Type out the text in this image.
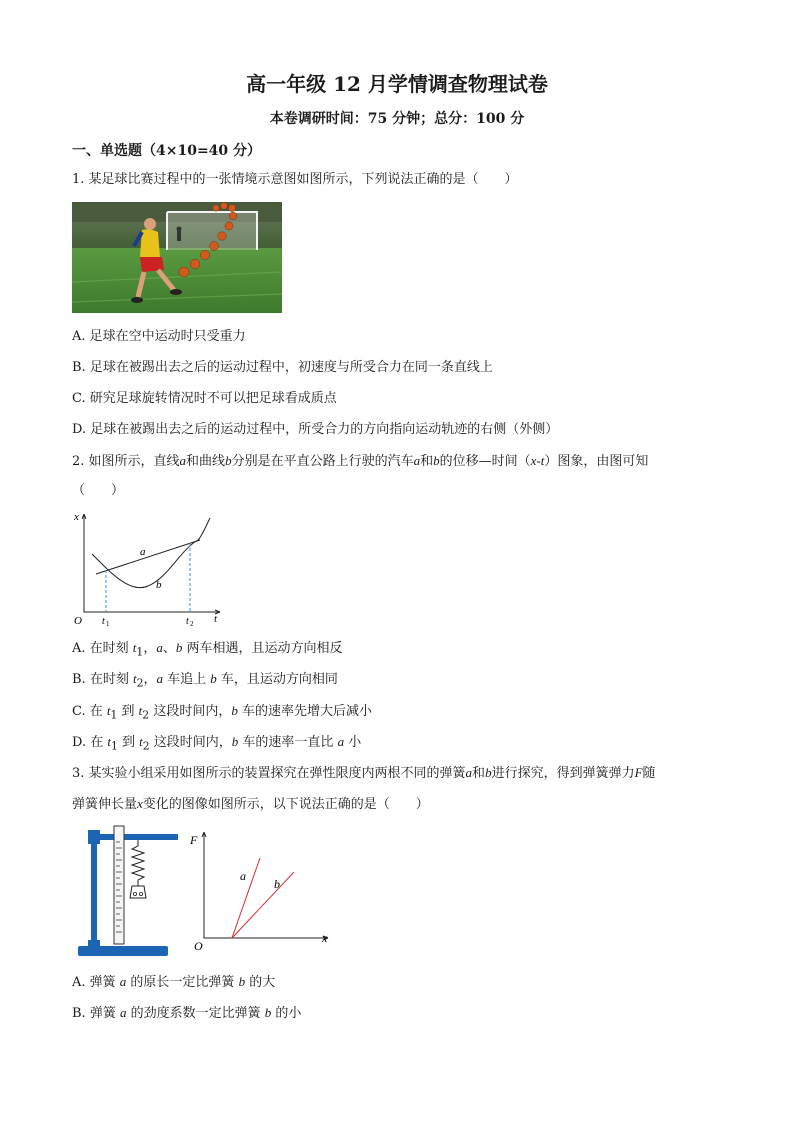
高一年级 12 月学情调查物理试卷
本卷调研时间：75 分钟；总分：100 分
一、单选题（4×10=40 分）
1. 某足球比赛过程中的一张情境示意图如图所示，下列说法正确的是（　　）
A. 足球在空中运动时只受重力
B. 足球在被踢出去之后的运动过程中，初速度与所受合力在同一条直线上
C. 研究足球旋转情况时不可以把足球看成质点
D. 足球在被踢出去之后的运动过程中，所受合力的方向指向运动轨迹的右侧（外侧）
2. 如图所示，直线a和曲线b分别是在平直公路上行驶的汽车a和b的位移—时间（x-t）图象，由图可知
（　　）
x
t
O
a
b
t 1	t 2
A. 在时刻 $t_1$，a、b 两车相遇，且运动方向相反
B. 在时刻 $t_2$，a 车追上 b 车，且运动方向相同
C. 在 $t_1$ 到 $t_2$ 这段时间内，b 车的速率先增大后减小
D. 在 $t_1$ 到 $t_2$ 这段时间内，b 车的速率一直比 a 小
3. 某实验小组采用如图所示的装置探究在弹性限度内两根不同的弹簧a和b进行探究，得到弹簧弹力F随
弹簧伸长量x变化的图像如图所示，以下说法正确的是（　　）
F
x
O
a
b
A. 弹簧 a 的原长一定比弹簧 b 的大
B. 弹簧 a 的劲度系数一定比弹簧 b 的小
